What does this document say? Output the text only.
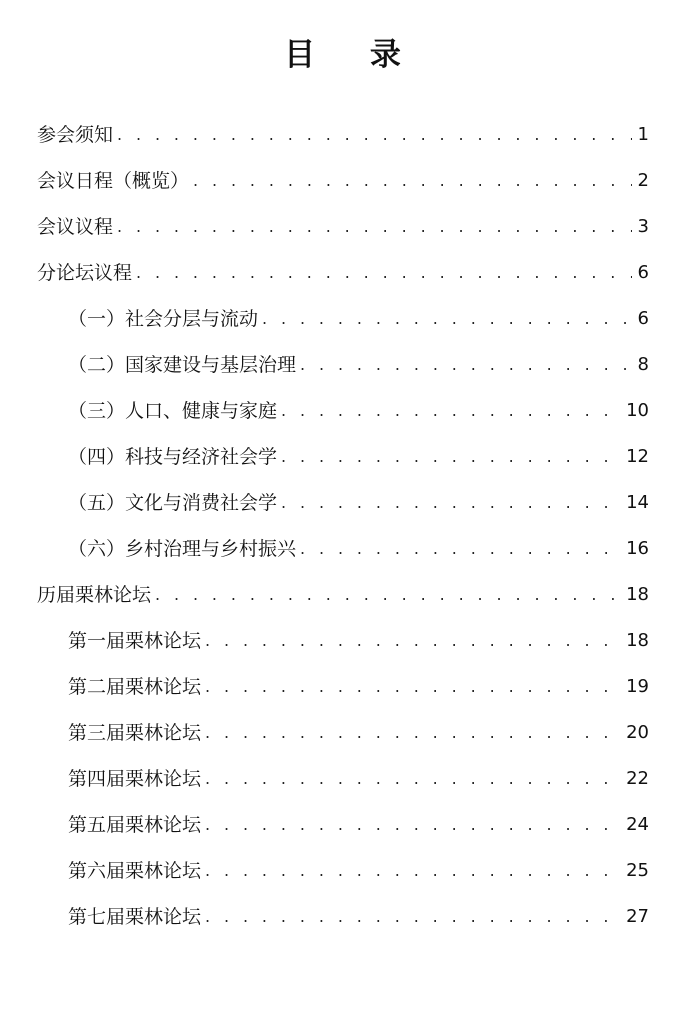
目 录
参会须知 . . .	1
会议日程（概览） . . .	2
会议议程 . . .	3
分论坛议程 . . .	6
（一）社会分层与流动 . . .	6
（二）国家建设与基层治理 . . .	8
（三）人口、健康与家庭 . . .	10
（四）科技与经济社会学 . . .	12
（五）文化与消费社会学 . . .	14
（六）乡村治理与乡村振兴 . . .	16
历届栗林论坛 . . .	18
第一届栗林论坛 . . .	18
第二届栗林论坛 . . .	19
第三届栗林论坛 . . .	20
第四届栗林论坛 . . .	22
第五届栗林论坛 . . .	24
第六届栗林论坛 . . .	25
第七届栗林论坛 . . .	27
